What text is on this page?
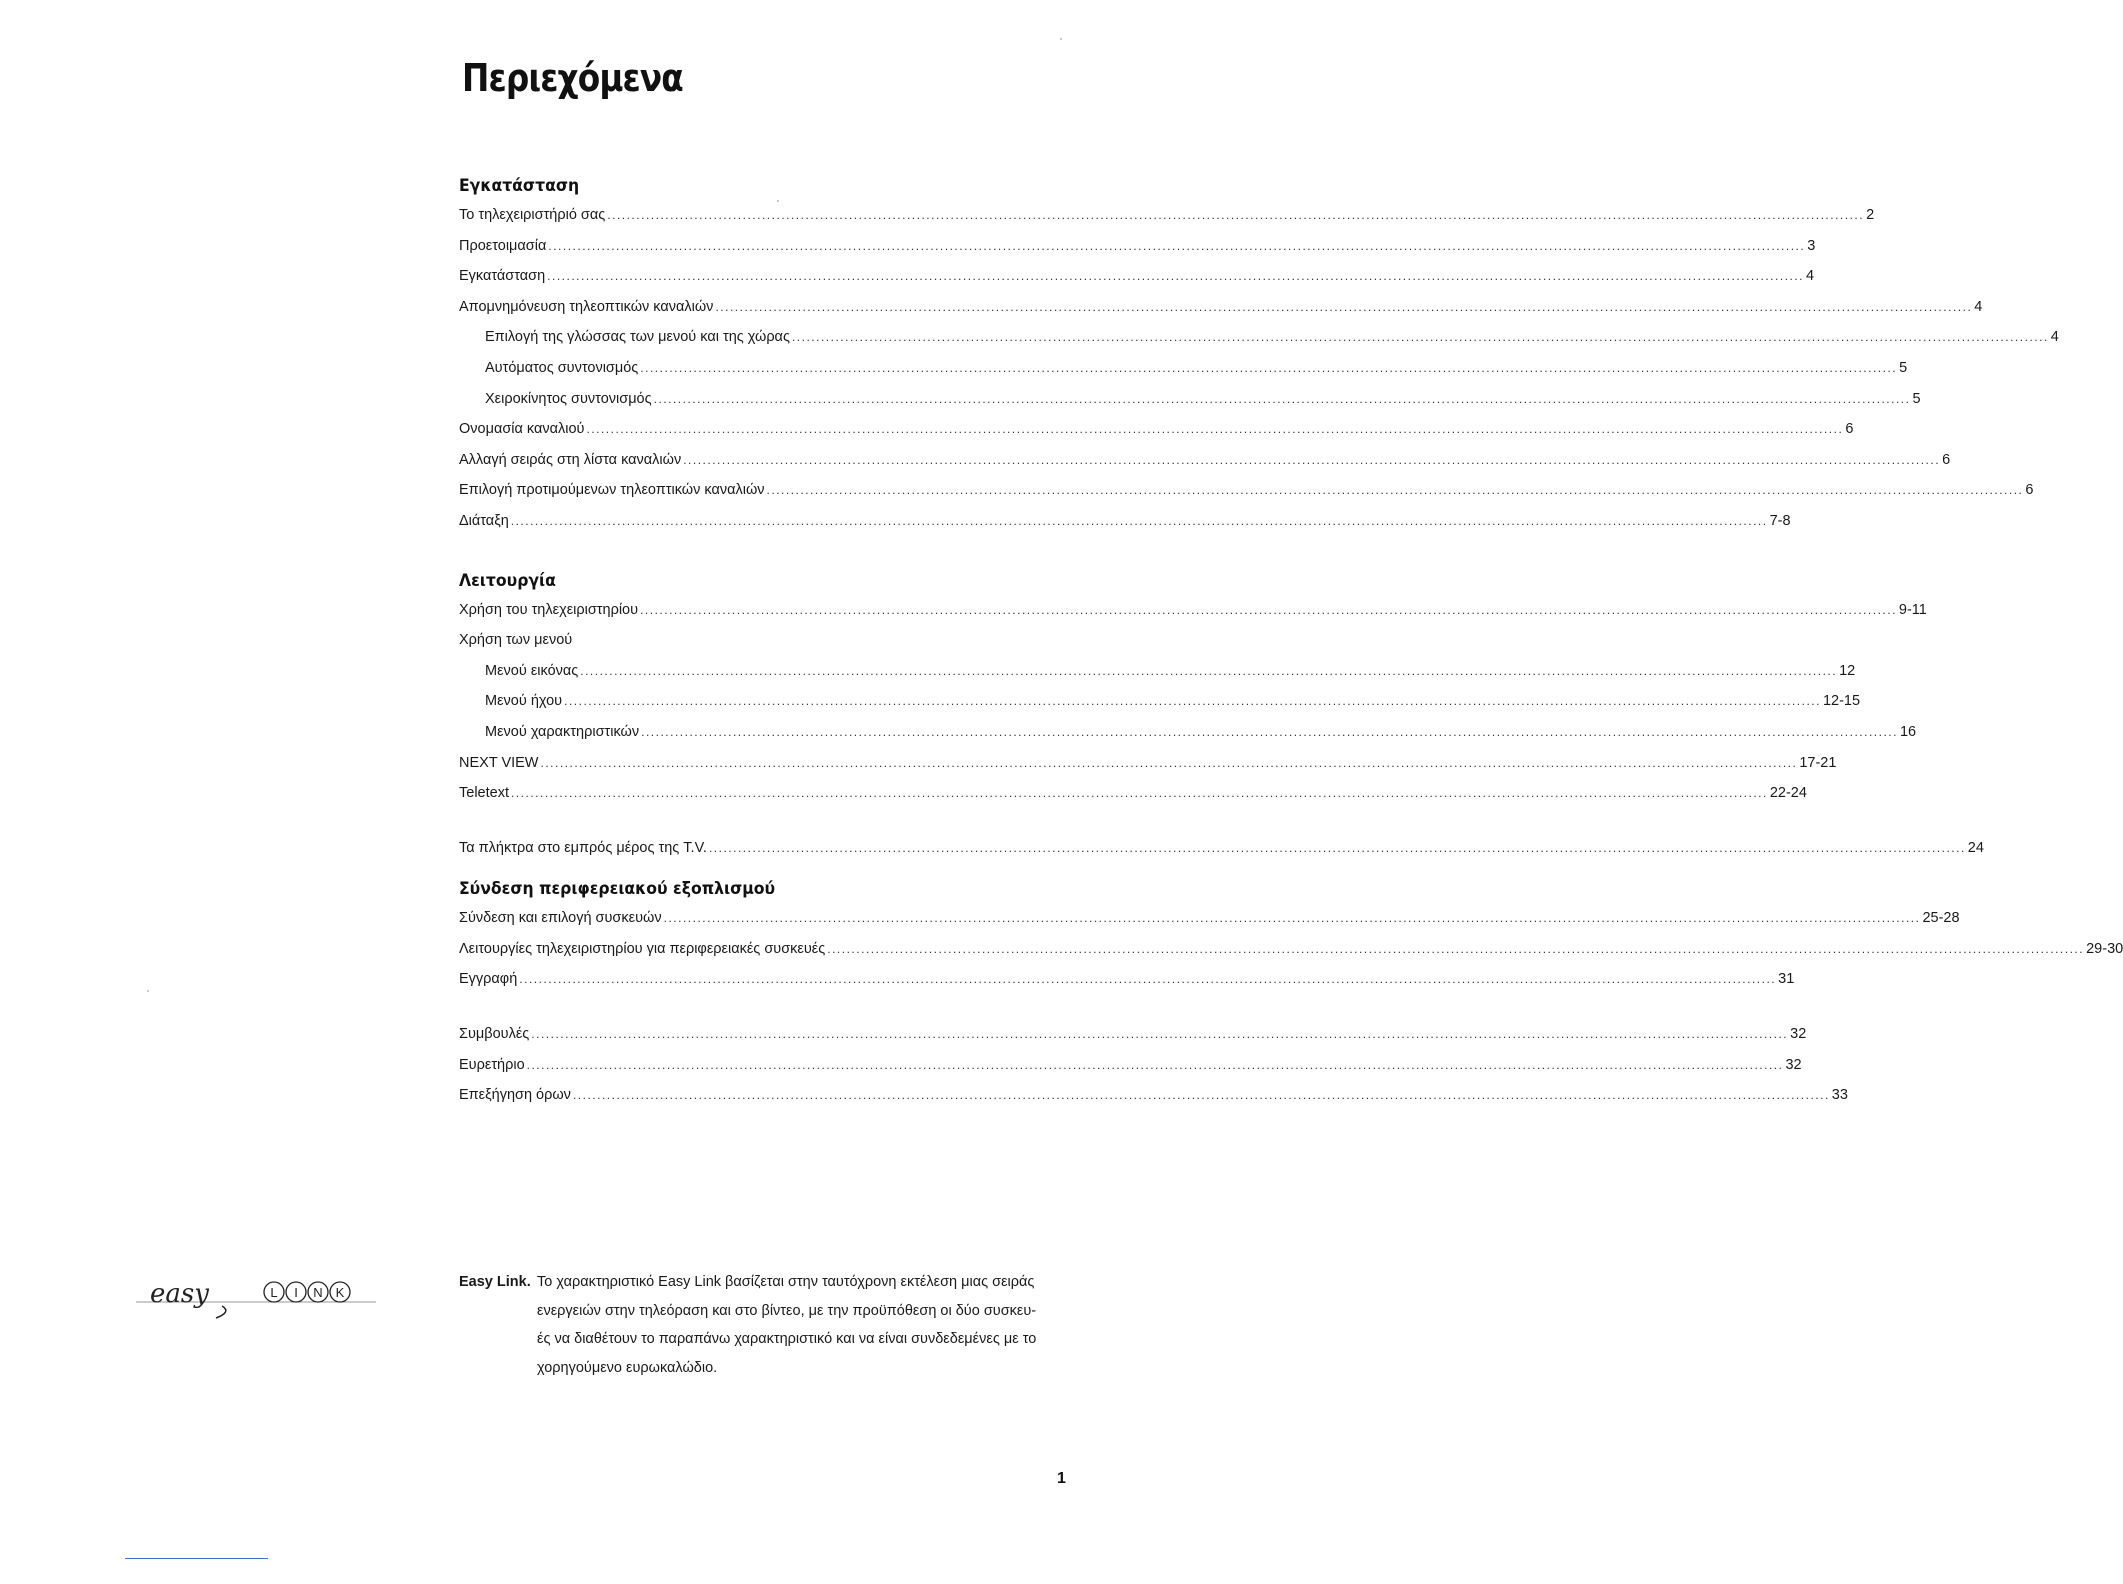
Περιεχόμενα
Εγκατάσταση
Το τηλεχειριστήριό σας .................................................................................................................................................................................................................................................................... 2
Προετοιμασία .................................................................................................................................................................................................................................................................... 3
Εγκατάσταση .................................................................................................................................................................................................................................................................... 4
Απομνημόνευση τηλεοπτικών καναλιών .................................................................................................................................................................................................................................................................... 4
Επιλογή της γλώσσας των μενού και της χώρας .................................................................................................................................................................................................................................................................... 4
Αυτόματος συντονισμός .................................................................................................................................................................................................................................................................... 5
Χειροκίνητος συντονισμός .................................................................................................................................................................................................................................................................... 5
Ονομασία καναλιού .................................................................................................................................................................................................................................................................... 6
Αλλαγή σειράς στη λίστα καναλιών .................................................................................................................................................................................................................................................................... 6
Επιλογή προτιμούμενων τηλεοπτικών καναλιών .................................................................................................................................................................................................................................................................... 6
Διάταξη .................................................................................................................................................................................................................................................................... 7-8
Λειτουργία
Χρήση του τηλεχειριστηρίου .................................................................................................................................................................................................................................................................... 9-11
Χρήση των μενού
Μενού εικόνας .................................................................................................................................................................................................................................................................... 12
Μενού ήχου .................................................................................................................................................................................................................................................................... 12-15
Μενού χαρακτηριστικών .................................................................................................................................................................................................................................................................... 16
NEXT VIEW .................................................................................................................................................................................................................................................................... 17-21
Teletext .................................................................................................................................................................................................................................................................... 22-24
Τα πλήκτρα στο εμπρός μέρος της T.V. .................................................................................................................................................................................................................................................................... 24
Σύνδεση περιφερειακού εξοπλισμού
Σύνδεση και επιλογή συσκευών .................................................................................................................................................................................................................................................................... 25-28
Λειτουργίες τηλεχειριστηρίου για περιφερειακές συσκευές .................................................................................................................................................................................................................................................................... 29-30
Εγγραφή .................................................................................................................................................................................................................................................................... 31
Συμβουλές .................................................................................................................................................................................................................................................................... 32
Ευρετήριο .................................................................................................................................................................................................................................................................... 32
Επεξήγηση όρων .................................................................................................................................................................................................................................................................... 33
easy	L I N K
Easy Link. Το χαρακτηριστικό Easy Link βασίζεται στην ταυτόχρονη εκτέλεση μιας σειράς
ενεργειών στην τηλεόραση και στο βίντεο, με την προϋπόθεση οι δύο συσκευ-
ές να διαθέτουν το παραπάνω χαρακτηριστικό και να είναι συνδεδεμένες με το
χορηγούμενο ευρωκαλώδιο.
1
